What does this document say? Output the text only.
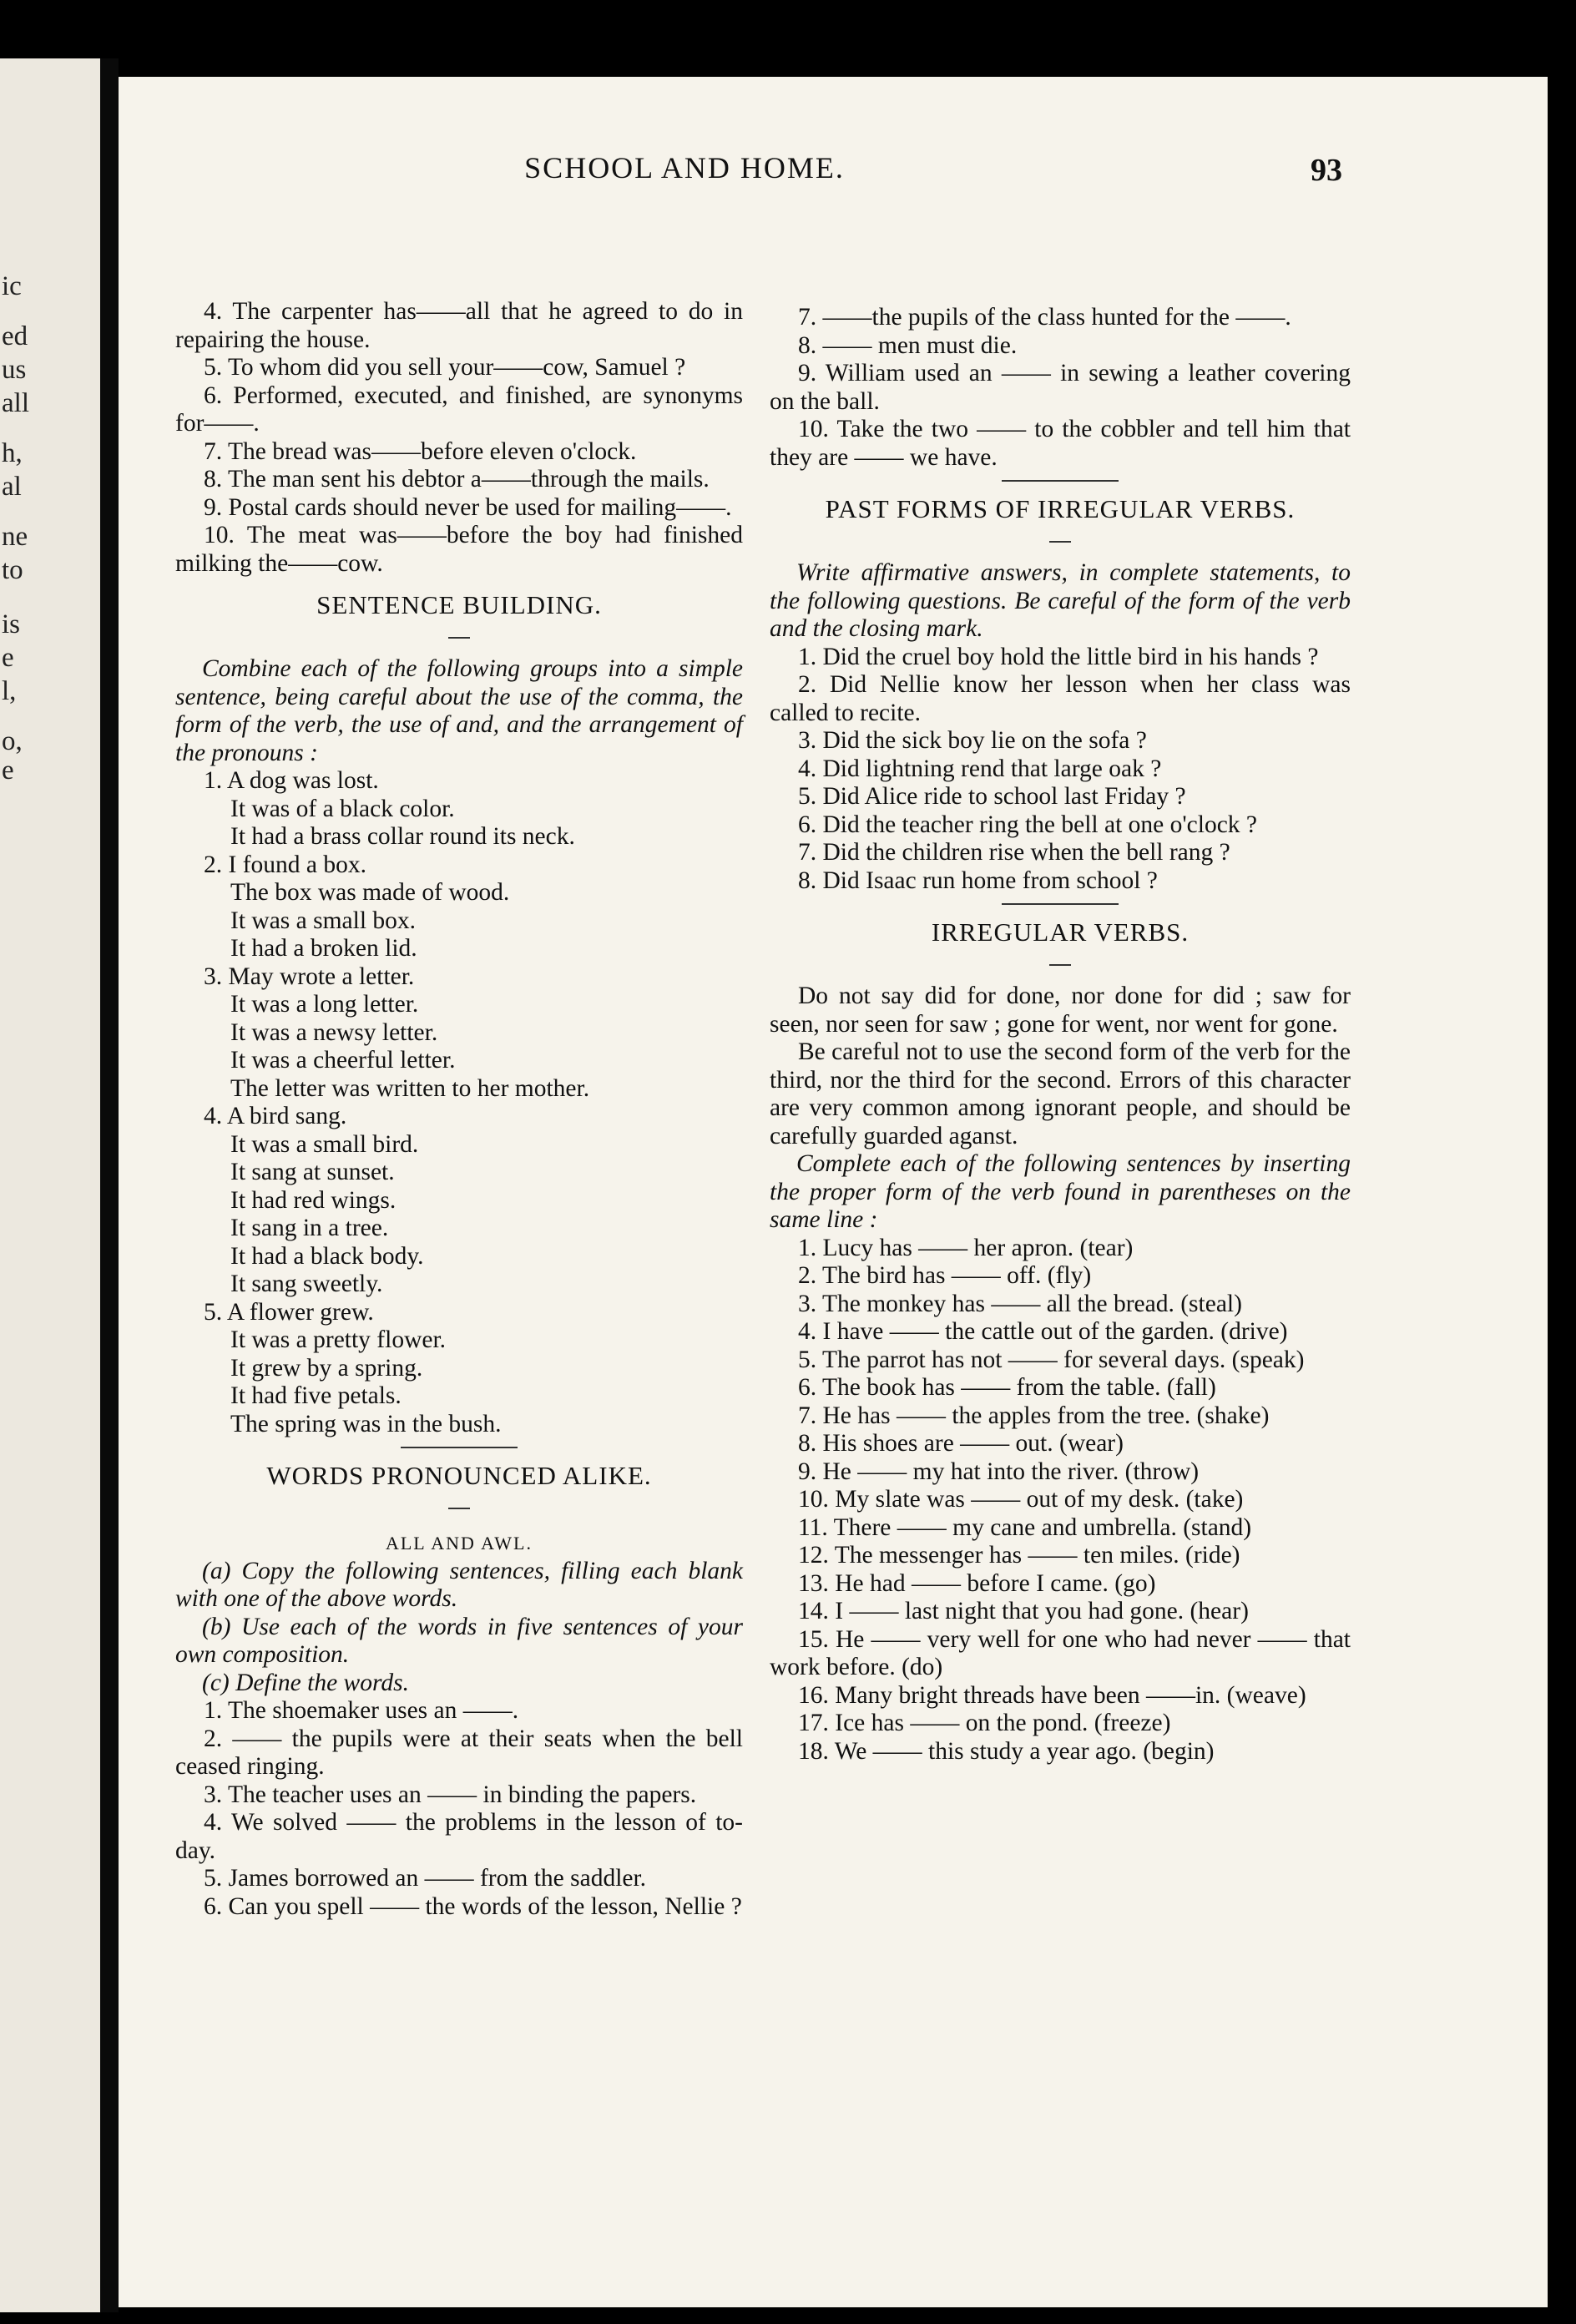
ic
ed
us
all
h,
al
ne
to
is
e
l,
o,
e
SCHOOL AND HOME.	93

4. The carpenter has——all that he agreed to do in repairing the house.

5. To whom did you sell your——cow, Samuel ?

6. Performed, executed, and finished, are synonyms for——.

7. The bread was——before eleven o'clock.

8. The man sent his debtor a——through the mails.

9. Postal cards should never be used for mailing——.

10. The meat was——before the boy had finished milking the——cow.

SENTENCE BUILDING.

Combine each of the following groups into a simple sentence, being careful about the use of the comma, the form of the verb, the use of and, and the arrangement of the pronouns :

1. A dog was lost.

It was of a black color.

It had a brass collar round its neck.

2. I found a box.

The box was made of wood.

It was a small box.

It had a broken lid.

3. May wrote a letter.

It was a long letter.

It was a newsy letter.

It was a cheerful letter.

The letter was written to her mother.

4. A bird sang.

It was a small bird.

It sang at sunset.

It had red wings.

It sang in a tree.

It had a black body.

It sang sweetly.

5. A flower grew.

It was a pretty flower.

It grew by a spring.

It had five petals.

The spring was in the bush.

WORDS PRONOUNCED ALIKE.

ALL AND AWL.

(a) Copy the following sentences, filling each blank with one of the above words.

(b) Use each of the words in five sentences of your own composition.

(c) Define the words.

1. The shoemaker uses an ——.

2. —— the pupils were at their seats when the bell ceased ringing.

3. The teacher uses an —— in binding the papers.

4. We solved —— the problems in the lesson of to-day.

5. James borrowed an —— from the saddler.

6. Can you spell —— the words of the lesson, Nellie ?

7. ——the pupils of the class hunted for the ——.

8. —— men must die.

9. William used an —— in sewing a leather covering on the ball.

10. Take the two —— to the cobbler and tell him that they are —— we have.

PAST FORMS OF IRREGULAR VERBS.

Write affirmative answers, in complete statements, to the following questions. Be careful of the form of the verb and the closing mark.

1. Did the cruel boy hold the little bird in his hands ?

2. Did Nellie know her lesson when her class was called to recite.

3. Did the sick boy lie on the sofa ?

4. Did lightning rend that large oak ?

5. Did Alice ride to school last Friday ?

6. Did the teacher ring the bell at one o'clock ?

7. Did the children rise when the bell rang ?

8. Did Isaac run home from school ?

IRREGULAR VERBS.

Do not say did for done, nor done for did ; saw for seen, nor seen for saw ; gone for went, nor went for gone.

Be careful not to use the second form of the verb for the third, nor the third for the second. Errors of this character are very common among ignorant people, and should be carefully guarded aganst.

Complete each of the following sentences by inserting the proper form of the verb found in parentheses on the same line :

1. Lucy has —— her apron. (tear)

2. The bird has —— off. (fly)

3. The monkey has —— all the bread. (steal)

4. I have —— the cattle out of the garden. (drive)

5. The parrot has not —— for several days. (speak)

6. The book has —— from the table. (fall)

7. He has —— the apples from the tree. (shake)

8. His shoes are —— out. (wear)

9. He —— my hat into the river. (throw)

10. My slate was —— out of my desk. (take)

11. There —— my cane and umbrella. (stand)

12. The messenger has —— ten miles. (ride)

13. He had —— before I came. (go)

14. I —— last night that you had gone. (hear)

15. He —— very well for one who had never —— that work before. (do)

16. Many bright threads have been ——in. (weave)

17. Ice has —— on the pond. (freeze)

18. We —— this study a year ago. (begin)
